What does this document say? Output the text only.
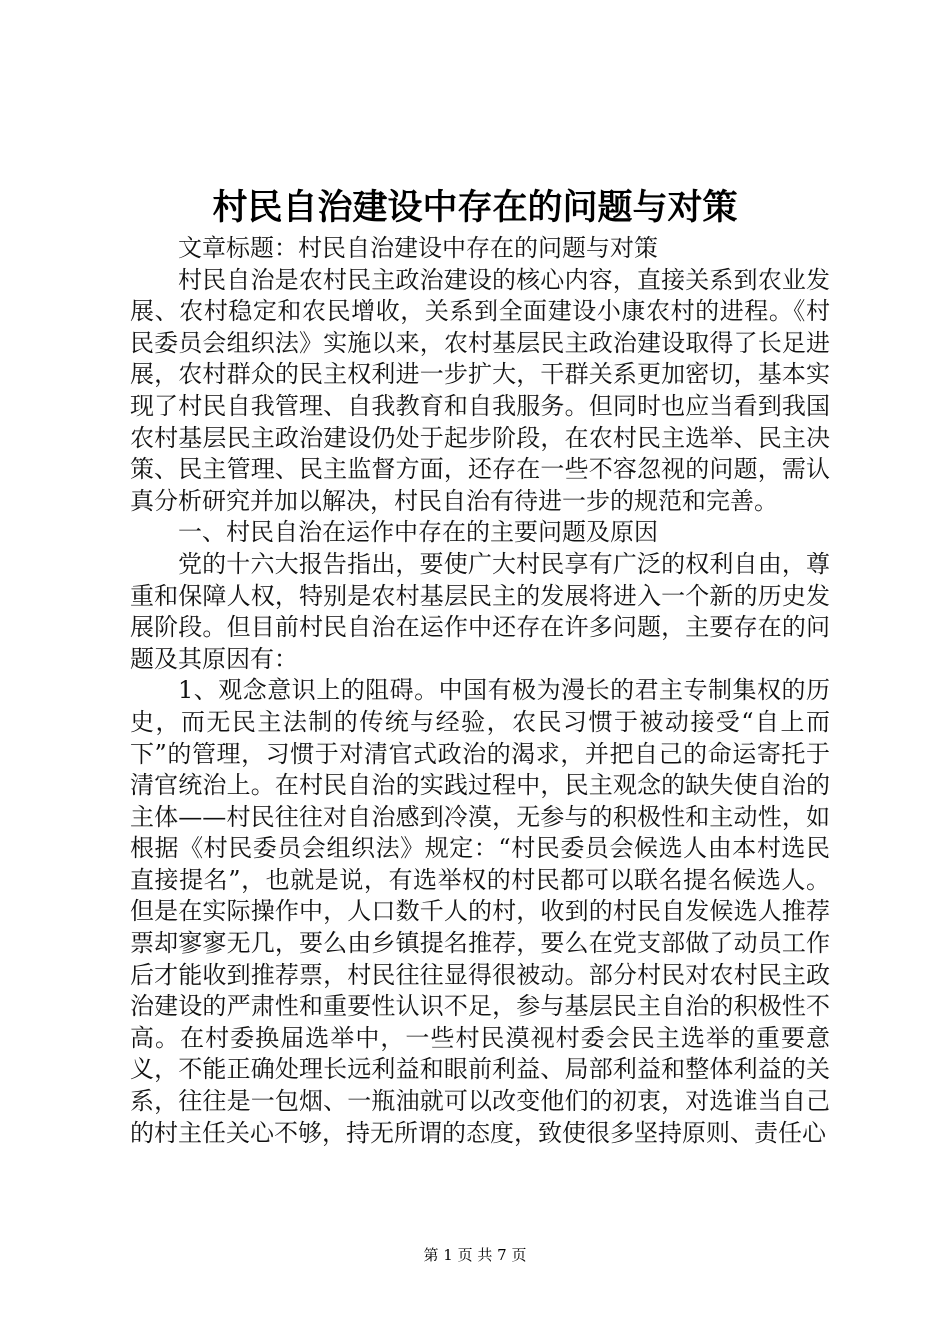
村民自治建设中存在的问题与对策

文章标题：村民自治建设中存在的问题与对策

村民自治是农村民主政治建设的核心内容，直接关系到农业发展、农村稳定和农民增收，关系到全面建设小康农村的进程。《村民委员会组织法》实施以来，农村基层民主政治建设取得了长足进展，农村群众的民主权利进一步扩大，干群关系更加密切，基本实现了村民自我管理、自我教育和自我服务。但同时也应当看到我国农村基层民主政治建设仍处于起步阶段，在农村民主选举、民主决策、民主管理、民主监督方面，还存在一些不容忽视的问题，需认真分析研究并加以解决，村民自治有待进一步的规范和完善。

一、村民自治在运作中存在的主要问题及原因

党的十六大报告指出，要使广大村民享有广泛的权利自由，尊重和保障人权，特别是农村基层民主的发展将进入一个新的历史发展阶段。但目前村民自治在运作中还存在许多问题，主要存在的问题及其原因有：

1、观念意识上的阻碍。中国有极为漫长的君主专制集权的历史，而无民主法制的传统与经验，农民习惯于被动接受“自上而下”的管理，习惯于对清官式政治的渴求，并把自己的命运寄托于清官统治上。在村民自治的实践过程中，民主观念的缺失使自治的主体——村民往往对自治感到冷漠，无参与的积极性和主动性，如根据《村民委员会组织法》规定：“村民委员会候选人由本村选民直接提名”，也就是说，有选举权的村民都可以联名提名候选人。但是在实际操作中，人口数千人的村，收到的村民自发候选人推荐票却寥寥无几，要么由乡镇提名推荐，要么在党支部做了动员工作后才能收到推荐票，村民往往显得很被动。部分村民对农村民主政治建设的严肃性和重要性认识不足，参与基层民主自治的积极性不高。在村委换届选举中，一些村民漠视村委会民主选举的重要意义，不能正确处理长远利益和眼前利益、局部利益和整体利益的关系，往往是一包烟、一瓶油就可以改变他们的初衷，对选谁当自己的村主任关心不够，持无所谓的态度，致使很多坚持原则、责任心

第 1 页 共 7 页
